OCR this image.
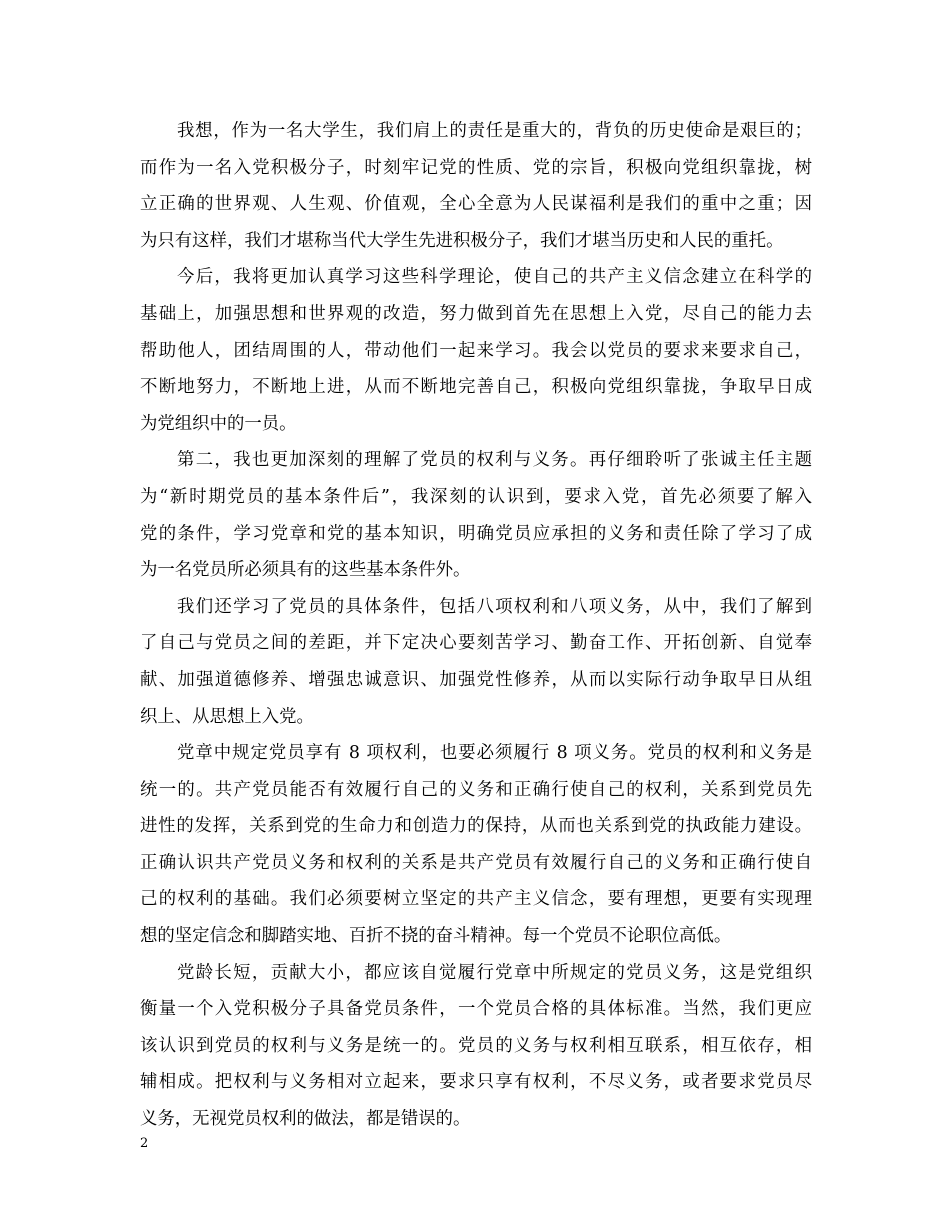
我想，作为一名大学生，我们肩上的责任是重大的，背负的历史使命是艰巨的；
而作为一名入党积极分子，时刻牢记党的性质、党的宗旨，积极向党组织靠拢，树
立正确的世界观、人生观、价值观，全心全意为人民谋福利是我们的重中之重；因
为只有这样，我们才堪称当代大学生先进积极分子，我们才堪当历史和人民的重托。
今后，我将更加认真学习这些科学理论，使自己的共产主义信念建立在科学的
基础上，加强思想和世界观的改造，努力做到首先在思想上入党，尽自己的能力去
帮助他人，团结周围的人，带动他们一起来学习。我会以党员的要求来要求自己，
不断地努力，不断地上进，从而不断地完善自己，积极向党组织靠拢，争取早日成
为党组织中的一员。
第二，我也更加深刻的理解了党员的权利与义务。再仔细聆听了张诚主任主题
为“新时期党员的基本条件后”，我深刻的认识到，要求入党，首先必须要了解入
党的条件，学习党章和党的基本知识，明确党员应承担的义务和责任除了学习了成
为一名党员所必须具有的这些基本条件外。
我们还学习了党员的具体条件，包括八项权利和八项义务，从中，我们了解到
了自己与党员之间的差距，并下定决心要刻苦学习、勤奋工作、开拓创新、自觉奉
献、加强道德修养、增强忠诚意识、加强党性修养，从而以实际行动争取早日从组
织上、从思想上入党。
党章中规定党员享有 8 项权利，也要必须履行 8 项义务。党员的权利和义务是
统一的。共产党员能否有效履行自己的义务和正确行使自己的权利，关系到党员先
进性的发挥，关系到党的生命力和创造力的保持，从而也关系到党的执政能力建设。
正确认识共产党员义务和权利的关系是共产党员有效履行自己的义务和正确行使自
己的权利的基础。我们必须要树立坚定的共产主义信念，要有理想，更要有实现理
想的坚定信念和脚踏实地、百折不挠的奋斗精神。每一个党员不论职位高低。
党龄长短，贡献大小，都应该自觉履行党章中所规定的党员义务，这是党组织
衡量一个入党积极分子具备党员条件，一个党员合格的具体标准。当然，我们更应
该认识到党员的权利与义务是统一的。党员的义务与权利相互联系，相互依存，相
辅相成。把权利与义务相对立起来，要求只享有权利，不尽义务，或者要求党员尽
义务，无视党员权利的做法，都是错误的。
2
